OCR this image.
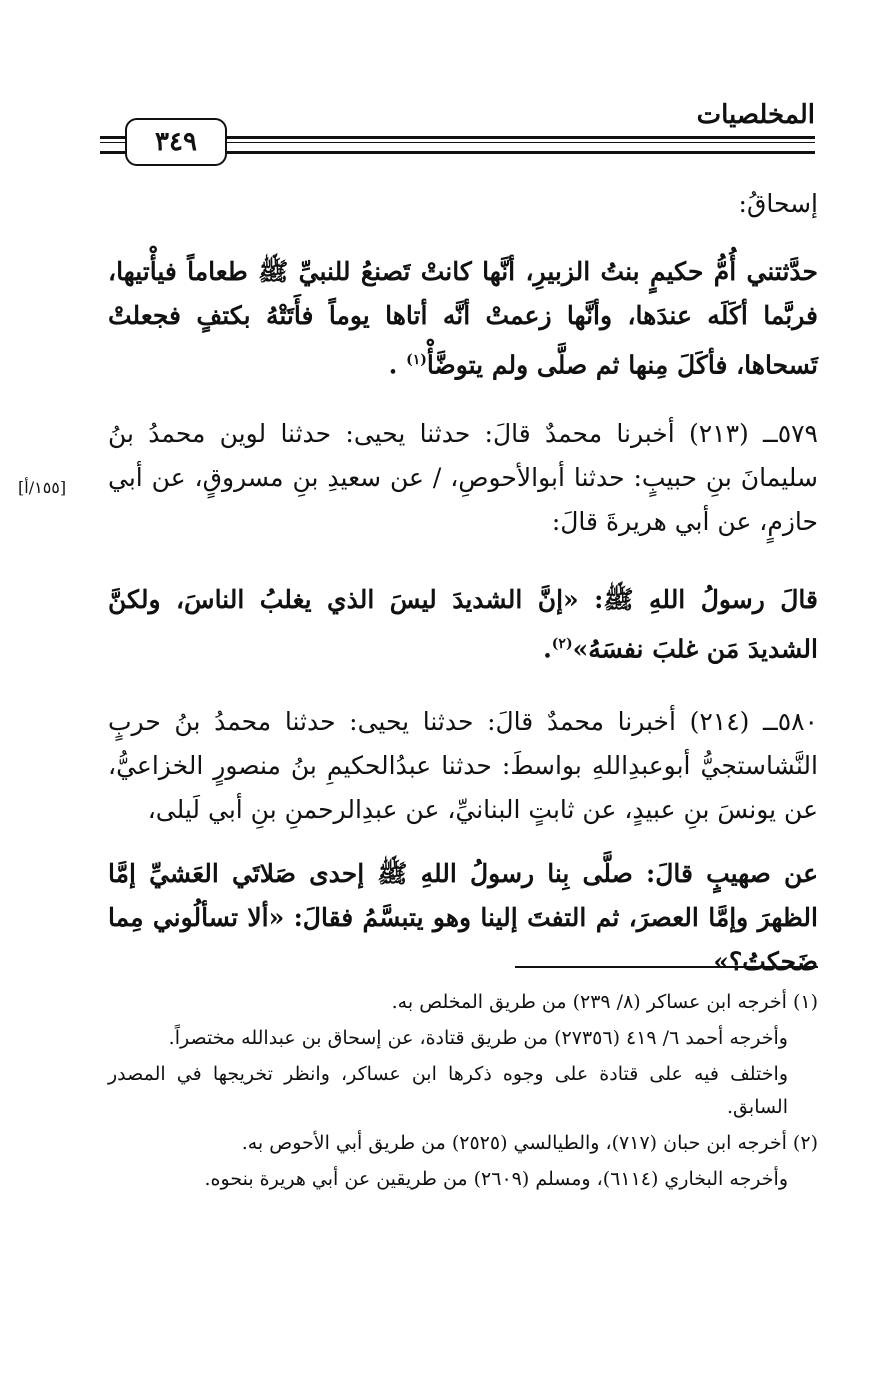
المخلصيات
٣٤٩
[١٥٥/أ]

إسحاقُ:

حدَّثتني أُمُّ حكيمٍ بنتُ الزبيرِ، أنَّها كانتْ تَصنعُ للنبيِّ ﷺ طعاماً فيأْتيها، فربَّما أكَلَه عندَها، وأنَّها زعمتْ أنَّه أتاها يوماً فأَتَتْهُ بكتفٍ فجعلتْ تَسحاها، فأكَلَ مِنها ثم صلَّى ولم يتوضَّأْ$^{(١)}$ .

٥٧٩ــ (٢١٣) أخبرنا محمدٌ قالَ: حدثنا يحيى: حدثنا لوين محمدُ بنُ سليمانَ بنِ حبيبٍ: حدثنا أبوالأحوصِ، / عن سعيدِ بنِ مسروقٍ، عن أبي حازمٍ، عن أبي هريرةَ قالَ:

قالَ رسولُ اللهِ ﷺ: «إنَّ الشديدَ ليسَ الذي يغلبُ الناسَ، ولكنَّ الشديدَ مَن غلبَ نفسَهُ»$^{(٢)}$.

٥٨٠ــ (٢١٤) أخبرنا محمدٌ قالَ: حدثنا يحيى: حدثنا محمدُ بنُ حربٍ النَّشاستجيُّ أبوعبدِاللهِ بواسطَ: حدثنا عبدُالحكيمِ بنُ منصورٍ الخزاعيُّ، عن يونسَ بنِ عبيدٍ، عن ثابتٍ البنانيِّ، عن عبدِالرحمنِ بنِ أبي لَيلى،

عن صهيبٍ قالَ: صلَّى بِنا رسولُ اللهِ ﷺ إحدى صَلاتَي العَشيِّ إمَّا الظهرَ وإمَّا العصرَ، ثم التفتَ إلينا وهو يتبسَّمُ فقالَ: «ألا تسألُوني مِما ضَحكتُ؟»

(١) أخرجه ابن عساكر (٨/ ٢٣٩) من طريق المخلص به.

وأخرجه أحمد ٦/ ٤١٩ (٢٧٣٥٦) من طريق قتادة، عن إسحاق بن عبدالله مختصراً.

واختلف فيه على قتادة على وجوه ذكرها ابن عساكر، وانظر تخريجها في المصدر السابق.

(٢) أخرجه ابن حبان (٧١٧)، والطيالسي (٢٥٢٥) من طريق أبي الأحوص به.

وأخرجه البخاري (٦١١٤)، ومسلم (٢٦٠٩) من طريقين عن أبي هريرة بنحوه.
